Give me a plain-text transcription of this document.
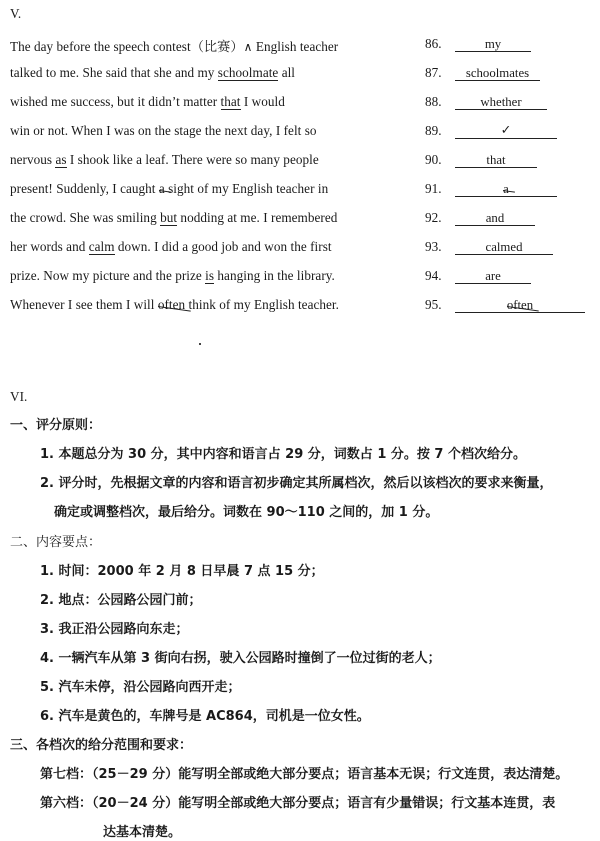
V.
The day before the speech contest（比赛）∧ English teacher
talked to me. She said that she and my schoolmate all
wished me success, but it didn’t matter that I would
win or not. When I was on the stage the next day, I felt so
nervous as I shook like a leaf. There were so many people
present! Suddenly, I caught a sight of my English teacher in
the crowd. She was smiling but nodding at me. I remembered
her words and calm down. I did a good job and won the first
prize. Now my picture and the prize is hanging in the library.
Whenever I see them I will often think of my English teacher.
86.	my
87.	schoolmates
88.	whether
89.	✓
90.	that
91.	a
92.	and
93.	calmed
94.	are
95.	often
VI.
一、评分原则：
1. 本题总分为 30 分，其中内容和语言占 29 分，词数占 1 分。按 7 个档次给分。
2. 评分时，先根据文章的内容和语言初步确定其所属档次，然后以该档次的要求来衡量，
确定或调整档次，最后给分。词数在 90～110 之间的，加 1 分。
二、内容要点：
1. 时间：2000 年 2 月 8 日早晨 7 点 15 分；
2. 地点：公园路公园门前；
3. 我正沿公园路向东走；
4. 一辆汽车从第 3 街向右拐，驶入公园路时撞倒了一位过街的老人；
5. 汽车未停，沿公园路向西开走；
6. 汽车是黄色的，车牌号是 AC864，司机是一位女性。
三、各档次的给分范围和要求：
第七档：（25－29 分）能写明全部或绝大部分要点；语言基本无误；行文连贯，表达清楚。
第六档：（20－24 分）能写明全部或绝大部分要点；语言有少量错误；行文基本连贯，表
达基本清楚。
